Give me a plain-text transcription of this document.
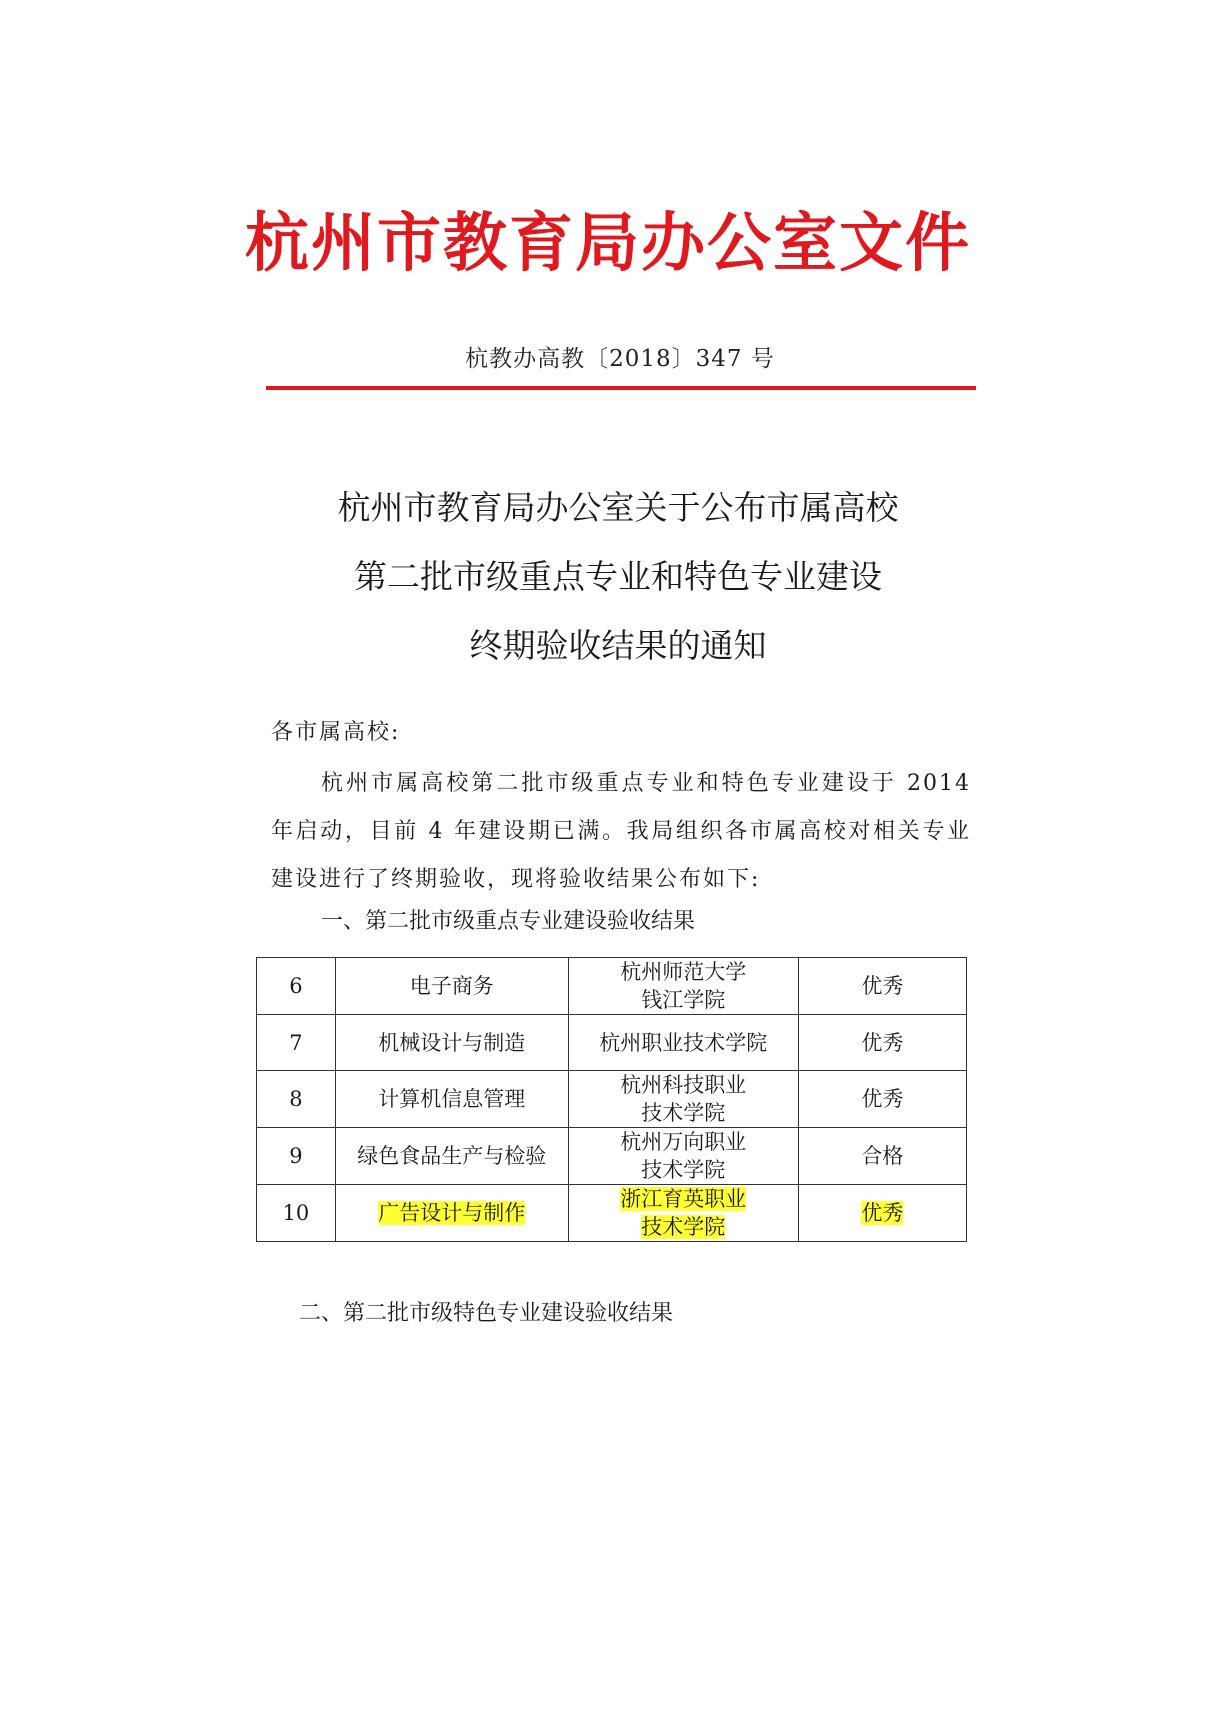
杭州市教育局办公室文件
杭教办高教〔2018〕347 号
杭州市教育局办公室关于公布市属高校
第二批市级重点专业和特色专业建设
终期验收结果的通知
各市属高校:
杭州市属高校第二批市级重点专业和特色专业建设于 2014 年启动，目前 4 年建设期已满。我局组织各市属高校对相关专业建设进行了终期验收，现将验收结果公布如下:
一、第二批市级重点专业建设验收结果
6	电子商务	杭州师范大学
钱江学院	优秀
7	机械设计与制造	杭州职业技术学院	优秀
8	计算机信息管理	杭州科技职业
技术学院	优秀
9	绿色食品生产与检验	杭州万向职业
技术学院	合格
10	广告设计与制作	浙江育英职业
技术学院	优秀
二、第二批市级特色专业建设验收结果
